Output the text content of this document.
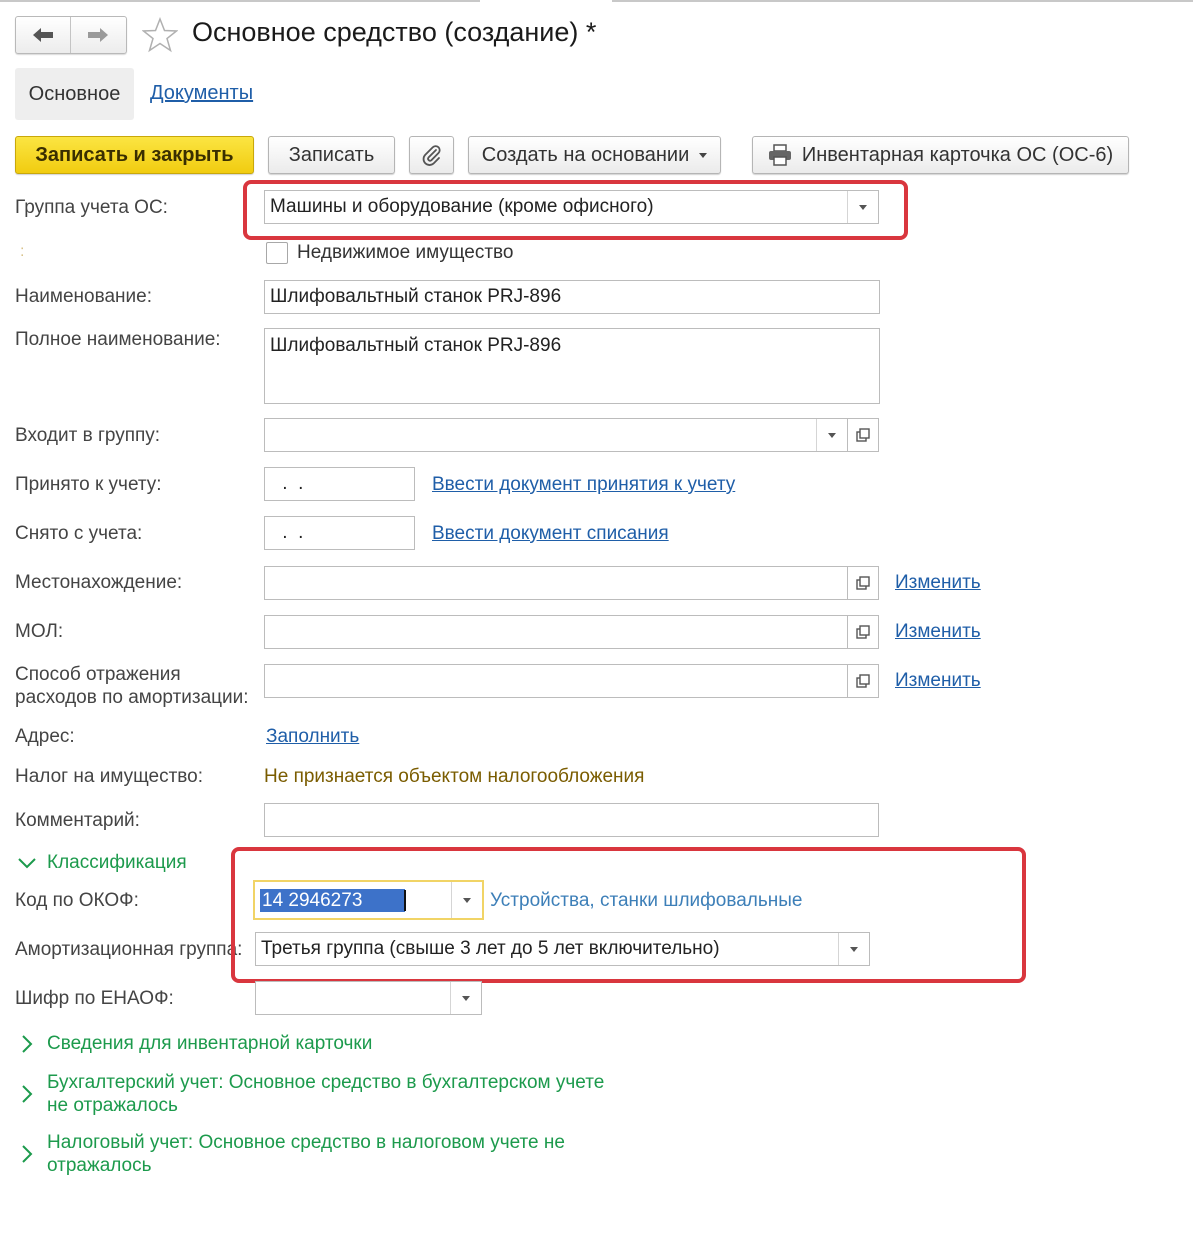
Основное средство (создание) *
Основное	Документы
Записать и закрыть	Записать	Создать на основании	Инвентарная карточка ОС (ОС-6)
Группа учета ОС:	Машины и оборудование (кроме офисного)
:	Недвижимое имущество
Наименование:	Шлифовальтный станок PRJ-896
Полное наименование:	Шлифовальтный станок PRJ-896
Входит в группу:
Принято к учету:	.  .	Ввести документ принятия к учету
Снято с учета:	.  .	Ввести документ списания
Местонахождение:	Изменить
МОЛ:	Изменить
Способ отражения
расходов по амортизации:
Изменить
Адрес:	Заполнить
Налог на имущество:	Не признается объектом налогообложения
Комментарий:
Классификация
Код по ОКОФ:	14 2946273	Устройства, станки шлифовальные
Амортизационная группа: Третья группа (свыше 3 лет до 5 лет включительно)
Шифр по ЕНАОФ:
Сведения для инвентарной карточки
Бухгалтерский учет: Основное средство в бухгалтерском учете
не отражалось
Налоговый учет: Основное средство в налоговом учете не
отражалось
